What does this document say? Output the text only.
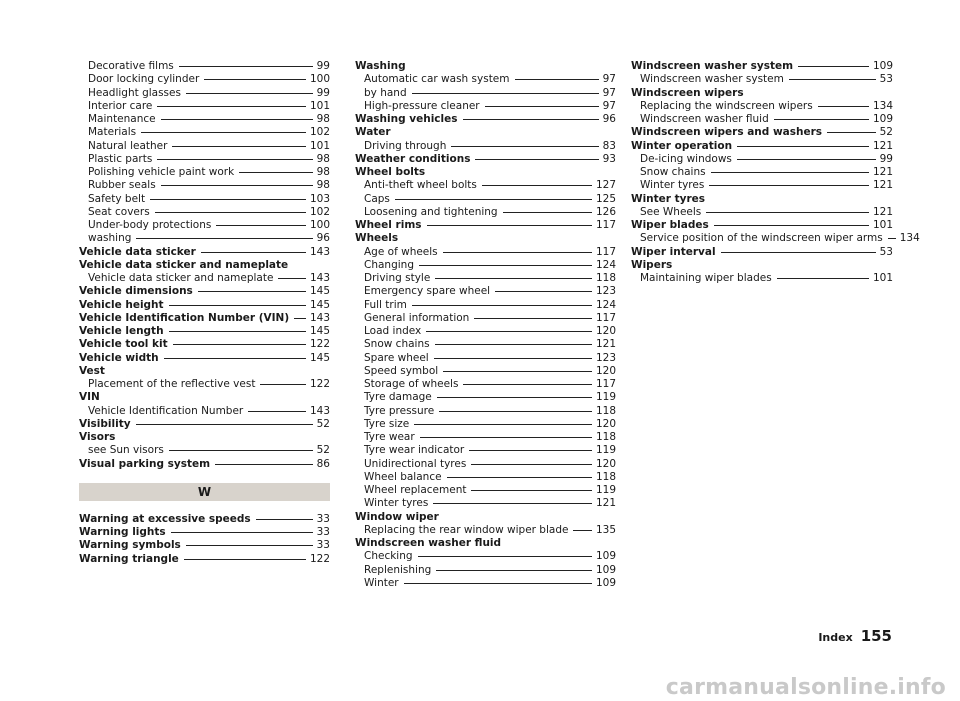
Decorative films	99
Door locking cylinder	100
Headlight glasses	99
Interior care	101
Maintenance	98
Materials	102
Natural leather	101
Plastic parts	98
Polishing vehicle paint work	98
Rubber seals	98
Safety belt	103
Seat covers	102
Under-body protections	100
washing	96
Vehicle data sticker	143
Vehicle data sticker and nameplate
Vehicle data sticker and nameplate	143
Vehicle dimensions	145
Vehicle height	145
Vehicle Identification Number (VIN) 143
Vehicle length	145
Vehicle tool kit	122
Vehicle width	145
Vest
Placement of the reflective vest	122
VIN
Vehicle Identification Number	143
Visibility	52
Visors
see Sun visors	52
Visual parking system	86
W
Warning at excessive speeds	33
Warning lights	33
Warning symbols	33
Warning triangle	122
Washing
Automatic car wash system	97
by hand	97
High-pressure cleaner	97
Washing vehicles	96
Water
Driving through	83
Weather conditions	93
Wheel bolts
Anti-theft wheel bolts	127
Caps	125
Loosening and tightening	126
Wheel rims	117
Wheels
Age of wheels	117
Changing	124
Driving style	118
Emergency spare wheel	123
Full trim	124
General information	117
Load index	120
Snow chains	121
Spare wheel	123
Speed symbol	120
Storage of wheels	117
Tyre damage	119
Tyre pressure	118
Tyre size	120
Tyre wear	118
Tyre wear indicator	119
Unidirectional tyres	120
Wheel balance	118
Wheel replacement	119
Winter tyres	121
Window wiper
Replacing the rear window wiper blade	135
Windscreen washer fluid
Checking	109
Replenishing	109
Winter	109
Windscreen washer system	109
Windscreen washer system	53
Windscreen wipers
Replacing the windscreen wipers	134
Windscreen washer fluid	109
Windscreen wipers and washers	52
Winter operation	121
De-icing windows	99
Snow chains	121
Winter tyres	121
Winter tyres
See Wheels	121
Wiper blades	101
Service position of the windscreen wiper arms 134
Wiper interval	53
Wipers
Maintaining wiper blades	101
Index 155
carmanualsonline.info
